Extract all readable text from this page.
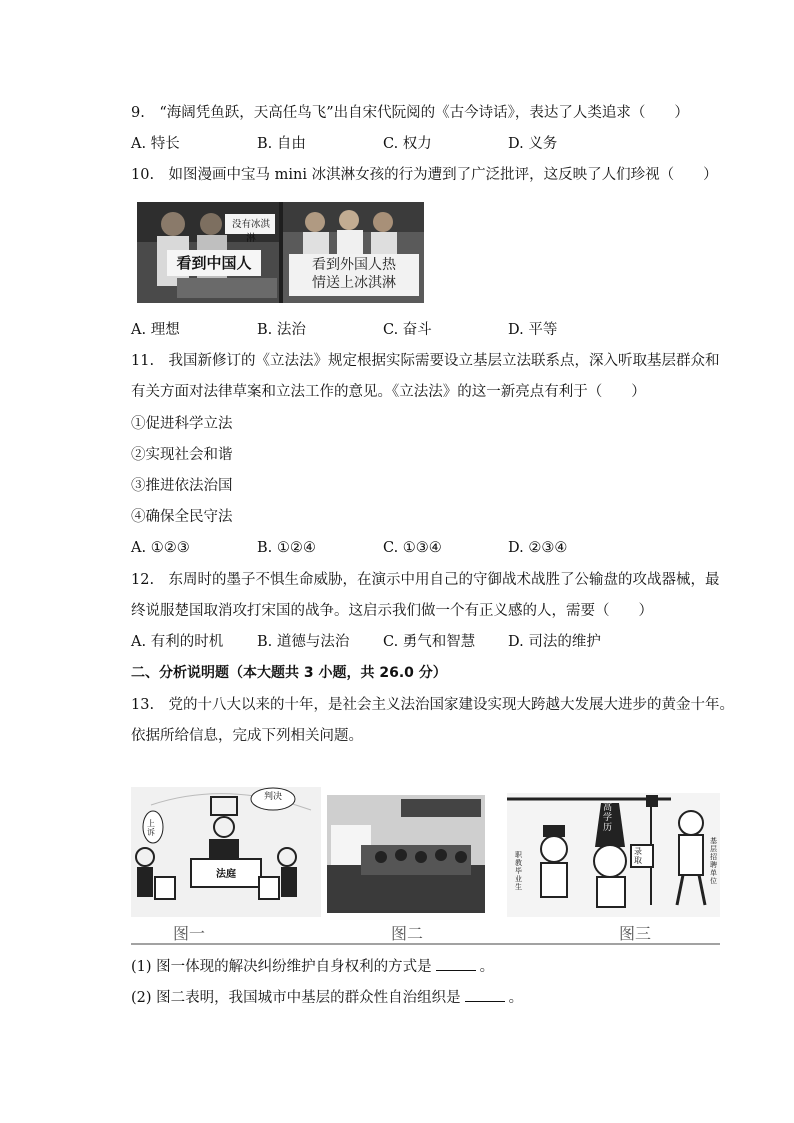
9.　“海阔凭鱼跃，天高任鸟飞”出自宋代阮阅的《古今诗话》，表达了人类追求（　　）
A. 特长	B. 自由	C. 权力	D. 义务
10.　如图漫画中宝马 mini 冰淇淋女孩的行为遭到了广泛批评，这反映了人们珍视（　　）
没有冰淇淋
看到中国人	看到外国人热
情送上冰淇淋
A. 理想	B. 法治	C. 奋斗	D. 平等
11.　我国新修订的《立法法》规定根据实际需要设立基层立法联系点，深入听取基层群众和
有关方面对法律草案和立法工作的意见。《立法法》的这一新亮点有利于（　　）
①促进科学立法
②实现社会和谐
③推进依法治国
④确保全民守法
A. ①②③	B. ①②④	C. ①③④	D. ②③④
12.　东周时的墨子不惧生命威胁，在演示中用自己的守御战术战胜了公输盘的攻战器械，最
终说服楚国取消攻打宋国的战争。这启示我们做一个有正义感的人，需要（　　）
A. 有利的时机 B. 道德与法治 C. 勇气和智慧 D. 司法的维护
二、分析说明题（本大题共 3 小题，共 26.0 分）
13.　党的十八大以来的十年，是社会主义法治国家建设实现大跨越大发展大进步的黄金十年。
依据所给信息，完成下列相关问题。
判决
法庭
上诉
高学历
录取
职教毕业生
基层招聘单位
图一	图二	图三
(1) 图一体现的解决纠纷维护自身权利的方式是	。
(2) 图二表明，我国城市中基层的群众性自治组织是	。
